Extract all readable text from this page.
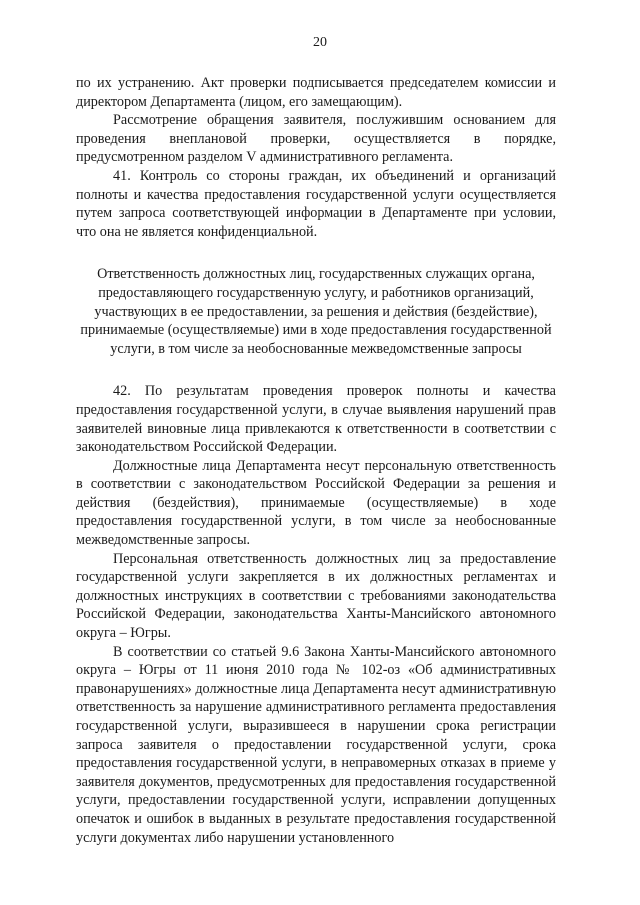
20

по их устранению. Акт проверки подписывается председателем комиссии и директором Департамента (лицом, его замещающим).

Рассмотрение обращения заявителя, послужившим основанием для проведения внеплановой проверки, осуществляется в порядке, предусмотренном разделом V административного регламента.

41. Контроль со стороны граждан, их объединений и организаций полноты и качества предоставления государственной услуги осуществляется путем запроса соответствующей информации в Департаменте при условии, что она не является конфиденциальной.

Ответственность должностных лиц, государственных служащих органа, предоставляющего государственную услугу, и работников организаций, участвующих в ее предоставлении, за решения и действия (бездействие), принимаемые (осуществляемые) ими в ходе предоставления государственной услуги, в том числе за необоснованные межведомственные запросы

42. По результатам проведения проверок полноты и качества предоставления государственной услуги, в случае выявления нарушений прав заявителей виновные лица привлекаются к ответственности в соответствии с законодательством Российской Федерации.

Должностные лица Департамента несут персональную ответственность в соответствии с законодательством Российской Федерации за решения и действия (бездействия), принимаемые (осуществляемые) в ходе предоставления государственной услуги, в том числе за необоснованные межведомственные запросы.

Персональная ответственность должностных лиц за предоставление государственной услуги закрепляется в их должностных регламентах и должностных инструкциях в соответствии с требованиями законодательства Российской Федерации, законодательства Ханты-Мансийского автономного округа – Югры.

В соответствии со статьей 9.6 Закона Ханты-Мансийского автономного округа – Югры от 11 июня 2010 года № 102-оз «Об административных правонарушениях» должностные лица Департамента несут административную ответственность за нарушение административного регламента предоставления государственной услуги, выразившееся в нарушении срока регистрации запроса заявителя о предоставлении государственной услуги, срока предоставления государственной услуги, в неправомерных отказах в приеме у заявителя документов, предусмотренных для предоставления государственной услуги, предоставлении государственной услуги, исправлении допущенных опечаток и ошибок в выданных в результате предоставления государственной услуги документах либо нарушении установленного
